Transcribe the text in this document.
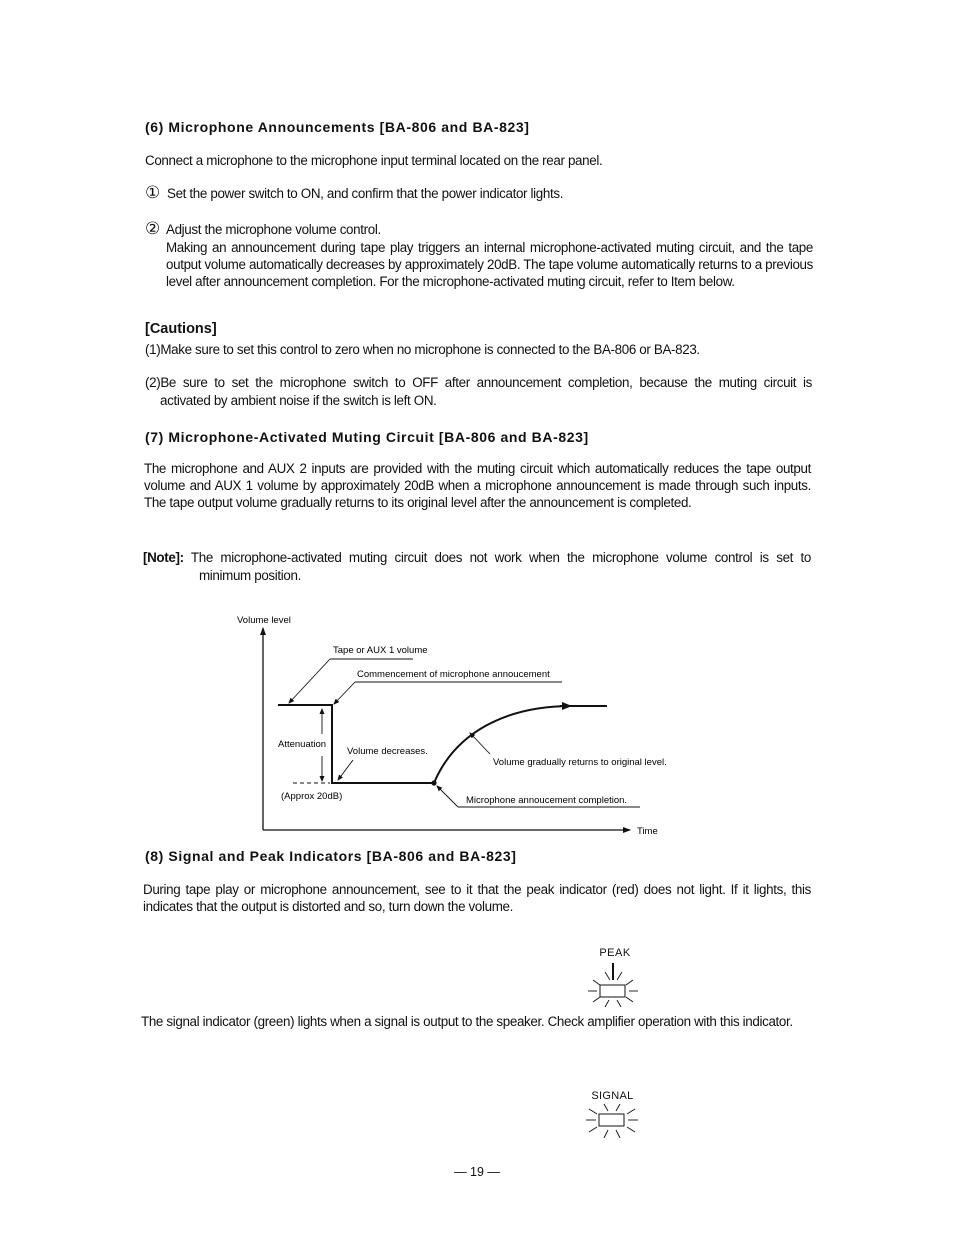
(6) Microphone Announcements [BA-806 and BA-823]
Connect a microphone to the microphone input terminal located on the rear panel.
① Set the power switch to ON, and confirm that the power indicator lights.
② Adjust the microphone volume control.
Making an announcement during tape play triggers an internal microphone-activated muting circuit, and the tape output volume automatically decreases by approximately 20dB. The tape volume automatically returns to a previous level after announcement completion. For the microphone-activated muting circuit, refer to Item below.
[Cautions]
(1)Make sure to set this control to zero when no microphone is connected to the BA-806 or BA-823.
(2)Be sure to set the microphone switch to OFF after announcement completion, because the muting circuit is
activated by ambient noise if the switch is left ON.
(7) Microphone-Activated Muting Circuit [BA-806 and BA-823]
The microphone and AUX 2 inputs are provided with the muting circuit which automatically reduces the tape output volume and AUX 1 volume by approximately 20dB when a microphone announcement is made through such inputs. The tape output volume gradually returns to its original level after the announcement is completed.
[Note]: The microphone-activated muting circuit does not work when the microphone volume control is set to
minimum position.
Volume level
Time
Tape or AUX 1 volume
Commencement of microphone annoucement
Attenuation
Volume decreases.
(Approx 20dB)
Volume gradually returns to original level.
Microphone annoucement completion.
(8) Signal and Peak Indicators [BA-806 and BA-823]
During tape play or microphone announcement, see to it that the peak indicator (red) does not light. If it lights, this indicates that the output is distorted and so, turn down the volume.
PEAK
The signal indicator (green) lights when a signal is output to the speaker. Check amplifier operation with this indicator.
SIGNAL
— 19 —
